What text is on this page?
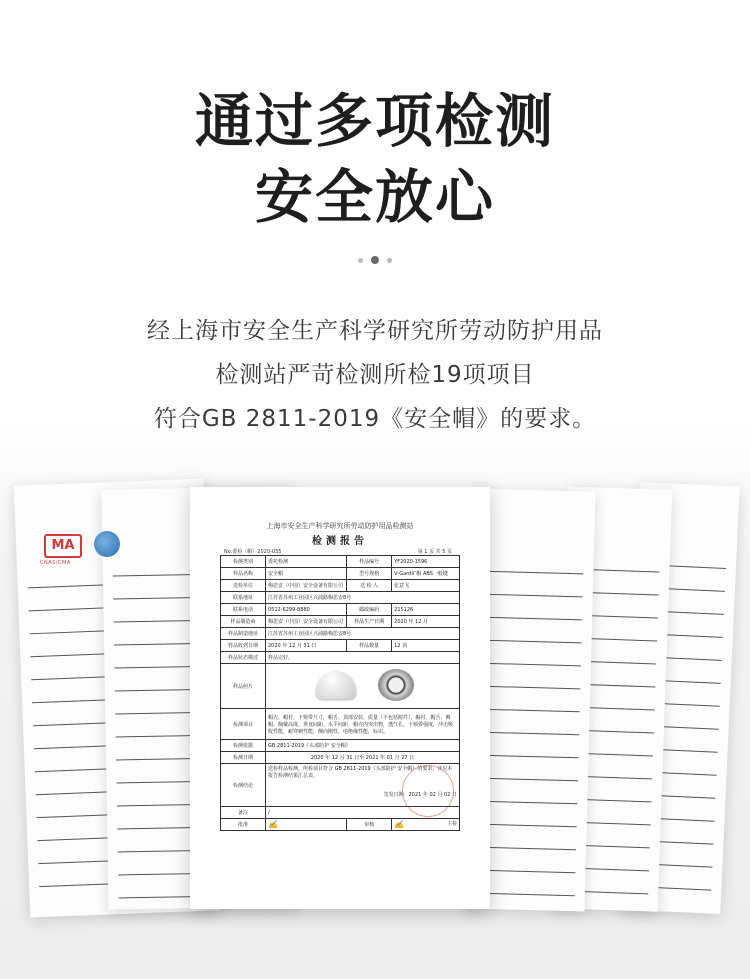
通过多项检测
安全放心

经上海市安全生产科学研究所劳动防护用品
检测站严苛检测所检19项项目
符合GB 2811-2019《安全帽》的要求。
MA
CNAS/CMA
上海市安全生产科学研究所劳动防护用品检测站
检测报告
No.委检（帽）2020-035	第 1 页 共 5 页
检测类别	委托检测	样品编号	YF2020-1596
样品名称	安全帽	型号规格	V-Gard矿帽 ABS一般键
送检单位	梅思安（中国）安全设备有限公司	送 检 人	张意飞
联系地址	江苏省苏州工业园区兴浦路梅思安8号		
联系电话	0512-6299-8880	邮政编码	215126
样品制造商	梅思安（中国）安全设备有限公司	样品生产日期	2020 年 12 月
样品制造地址	江苏省苏州工业园区兴浦路梅思安8号		
样品收到日期	2020 年 12 月 31 日	样品数量	12 顶
样品状态描述	样品完好。		
样品照片			

检测项目	帽壳、帽衬、下颏带尺寸，帽舌、顶部安装、质量（不包括附件）、帽衬、帽舌、侧帽、佩戴高度、垂直间距、水平间距，帽壳内突出物，透气孔，下颏带强度，冲击吸收性能，耐穿刺性能，侧向刚性，电绝缘性能，标识。		
检测依据	GB 2811-2019《头部防护 安全帽》		
检测日期	2020 年 12 月 31 日至 2021 年 01 月 27 日		
检测结论	送检样品检测，所检项目符合 GB 2811-2019《头部防护 安全帽》的要求，详见本报告检测结果汇总表。
签发日期：2021 年 02 月 02 日		

备注	/		
批准	✍	审核	✍ 主检
